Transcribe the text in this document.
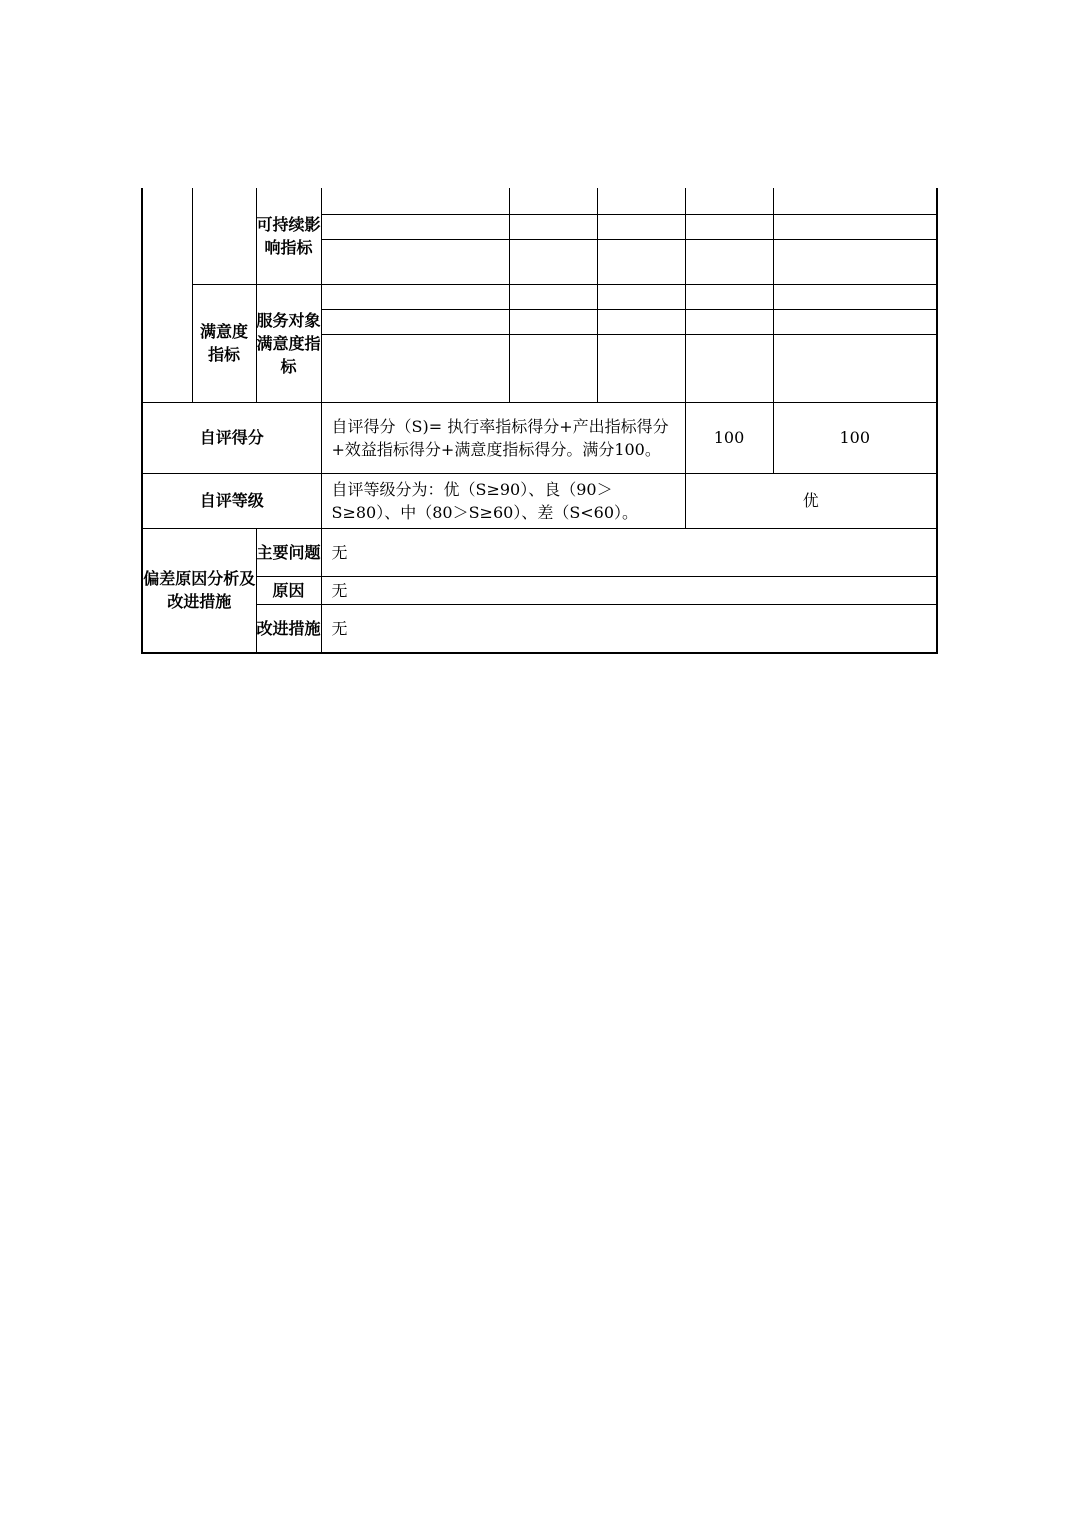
		可持续影响指标					

	满意度指标	服务对象满意度指标					

自评得分			自评得分（S)= 执行率指标得分+产出指标得分+效益指标得分+满意度指标得分。满分100。			100	100
自评等级			自评等级分为：优（S≥90）、良（90＞S≥80）、中（80＞S≥60）、差（S<60）。			优	
偏差原因分析及改进措施		主要问题	无				
		原因	无				
		改进措施	无				
